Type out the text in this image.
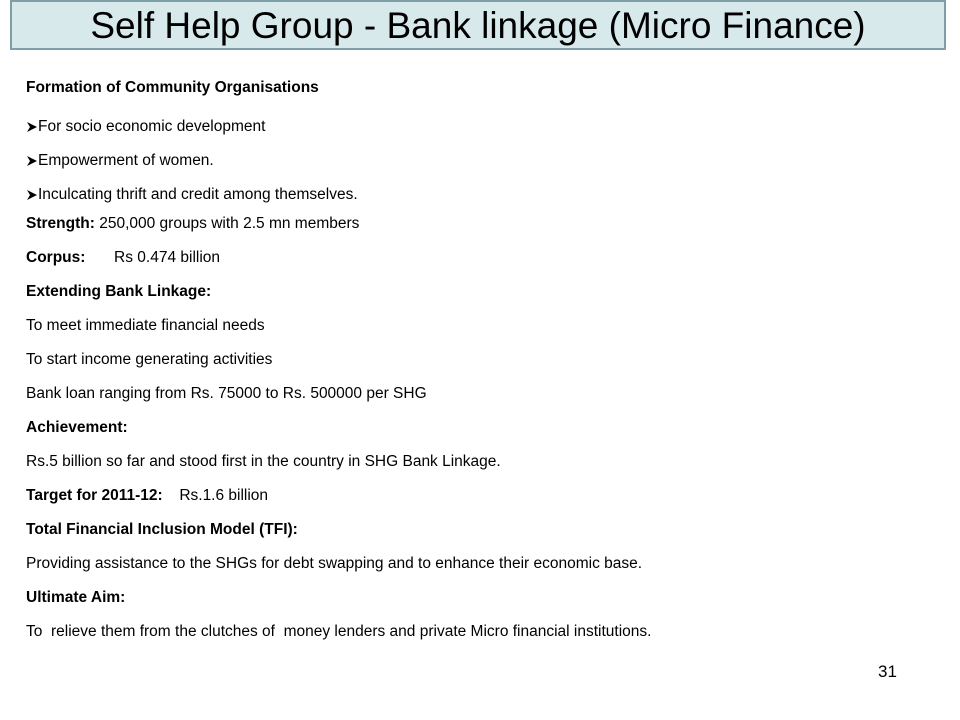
Self Help Group - Bank linkage (Micro Finance)
Formation of Community Organisations
For socio economic development
Empowerment of women.
Inculcating thrift and credit among themselves.
Strength: 250,000 groups with 2.5 mn members
Corpus: Rs 0.474 billion
Extending Bank Linkage:
To meet immediate financial needs
To start income generating activities
Bank loan ranging from Rs. 75000 to Rs. 500000 per SHG
Achievement:
Rs.5 billion so far and stood first in the country in SHG Bank Linkage.
Target for 2011-12: Rs.1.6 billion
Total Financial Inclusion Model (TFI):
Providing assistance to the SHGs for debt swapping and to enhance their economic base.
Ultimate Aim:
To  relieve them from the clutches of  money lenders and private Micro financial institutions.
31
